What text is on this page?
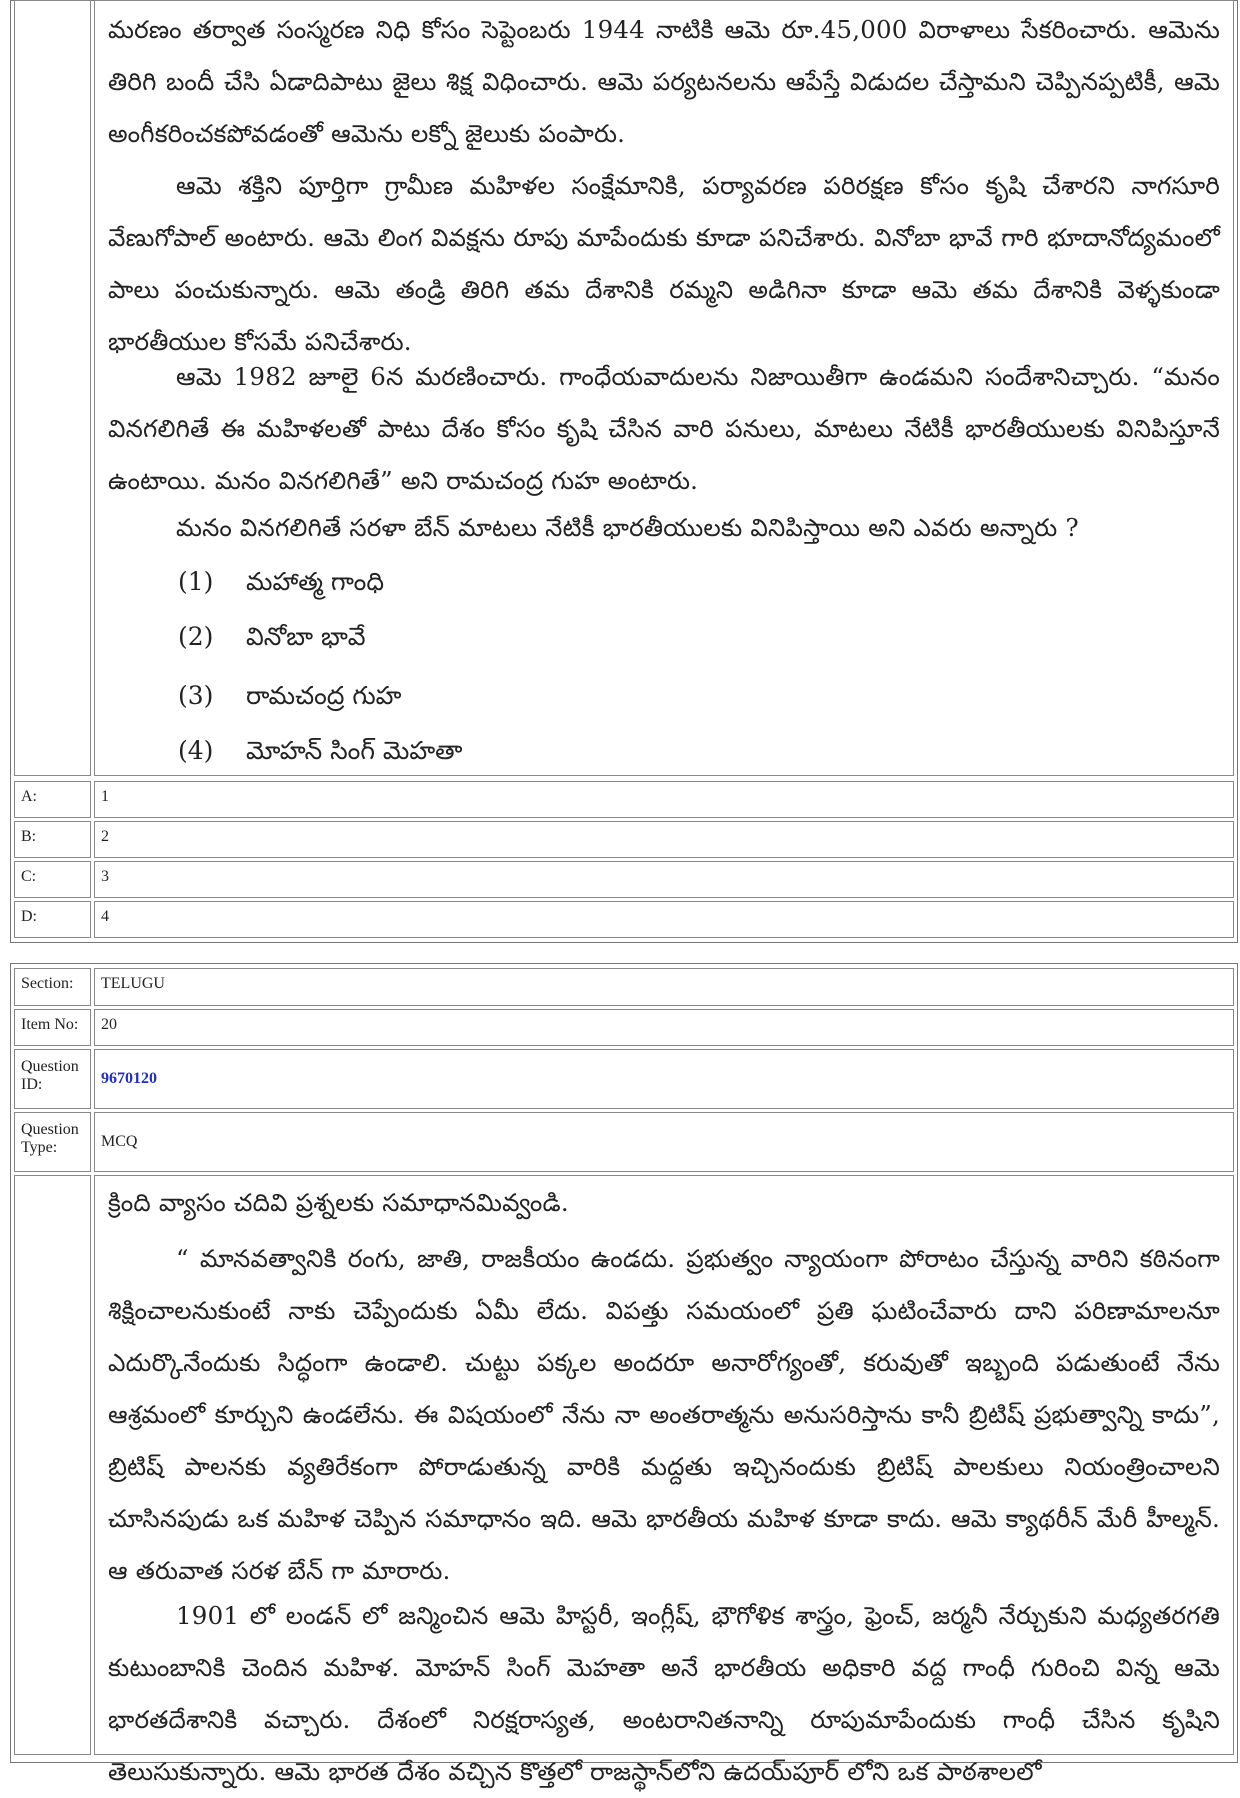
మరణం తర్వాత సంస్మరణ నిధి కోసం సెప్టెంబరు 1944 నాటికి ఆమె రూ.45,000 విరాళాలు సేకరించారు. ఆమెను తిరిగి బందీ చేసి ఏడాదిపాటు జైలు శిక్ష విధించారు. ఆమె పర్యటనలను ఆపేస్తే విడుదల చేస్తామని చెప్పినప్పటికీ, ఆమె అంగీకరించకపోవడంతో ఆమెను లక్నో జైలుకు పంపారు.

ఆమె శక్తిని పూర్తిగా గ్రామీణ మహిళల సంక్షేమానికి, పర్యావరణ పరిరక్షణ కోసం కృషి చేశారని నాగసూరి వేణుగోపాల్ అంటారు. ఆమె లింగ వివక్షను రూపు మాపేందుకు కూడా పనిచేశారు. వినోబా భావే గారి భూదానోద్యమంలో పాలు పంచుకున్నారు. ఆమె తండ్రి తిరిగి తమ దేశానికి రమ్మని అడిగినా కూడా ఆమె తమ దేశానికి వెళ్ళకుండా భారతీయుల కోసమే పనిచేశారు.

ఆమె 1982 జూలై 6న మరణించారు. గాంధేయవాదులను నిజాయితీగా ఉండమని సందేశానిచ్చారు. “మనం వినగలిగితే ఈ మహిళలతో పాటు దేశం కోసం కృషి చేసిన వారి పనులు, మాటలు నేటికీ భారతీయులకు వినిపిస్తూనే ఉంటాయి. మనం వినగలిగితే” అని రామచంద్ర గుహ అంటారు.

మనం వినగలిగితే సరళా బేన్ మాటలు నేటికీ భారతీయులకు వినిపిస్తాయి అని ఎవరు అన్నారు ?

(1) మహాత్మ గాంధి
(2) వినోబా భావే
(3) రామచంద్ర గుహ
(4) మోహన్ సింగ్ మెహతా
A:	1
B:	2
C:	3
D:	4
Section:	TELUGU
Item No:	20
Question ID:	9670120
Question Type:	MCQ

క్రింది వ్యాసం చదివి ప్రశ్నలకు సమాధానమివ్వండి.

“ మానవత్వానికి రంగు, జాతి, రాజకీయం ఉండదు. ప్రభుత్వం న్యాయంగా పోరాటం చేస్తున్న వారిని కఠినంగా శిక్షించాలనుకుంటే నాకు చెప్పేందుకు ఏమీ లేదు. విపత్తు సమయంలో ప్రతి ఘటించేవారు దాని పరిణామాలనూ ఎదుర్కొనేందుకు సిద్ధంగా ఉండాలి. చుట్టు పక్కల అందరూ అనారోగ్యంతో, కరువుతో ఇబ్బంది పడుతుంటే నేను ఆశ్రమంలో కూర్చుని ఉండలేను. ఈ విషయంలో నేను నా అంతరాత్మను అనుసరిస్తాను కానీ బ్రిటిష్ ప్రభుత్వాన్ని కాదు”, బ్రిటిష్ పాలనకు వ్యతిరేకంగా పోరాడుతున్న వారికి మద్దతు ఇచ్చినందుకు బ్రిటిష్ పాలకులు నియంత్రించాలని చూసినపుడు ఒక మహిళ చెప్పిన సమాధానం ఇది. ఆమె భారతీయ మహిళ కూడా కాదు. ఆమె క్యాథరీన్ మేరీ హీల్మన్. ఆ తరువాత సరళ బేన్ గా మారారు.

1901 లో లండన్ లో జన్మించిన ఆమె హిస్టరీ, ఇంగ్లీష్, భౌగోళిక శాస్త్రం, ఫ్రెంచ్, జర్మనీ నేర్చుకుని మధ్యతరగతి కుటుంబానికి చెందిన మహిళ. మోహన్ సింగ్ మెహతా అనే భారతీయ అధికారి వద్ద గాంధీ గురించి విన్న ఆమె భారతదేశానికి వచ్చారు. దేశంలో నిరక్షరాస్యత, అంటరానితనాన్ని రూపుమాపేందుకు గాంధీ చేసిన కృషిని తెలుసుకున్నారు. ఆమె భారత దేశం వచ్చిన కొత్తలో రాజస్థాన్‌లోని ఉదయ్‌పూర్ లోని ఒక పాఠశాలలో
